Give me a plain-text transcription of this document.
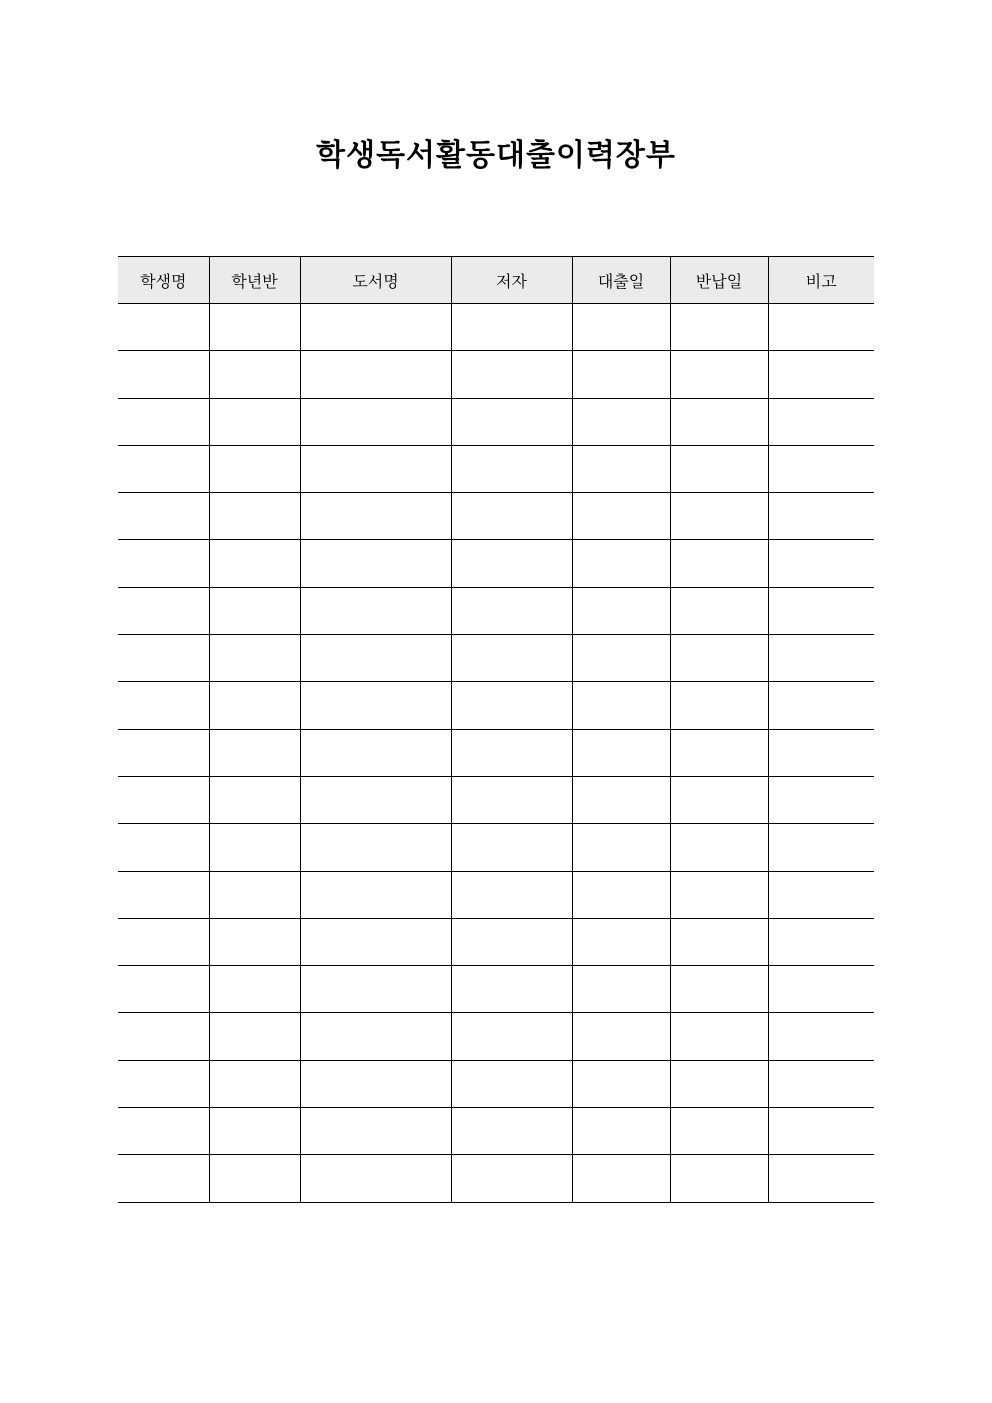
학생독서활동대출이력장부
학생명	학년반	도서명	저자	대출일	반납일	비고
